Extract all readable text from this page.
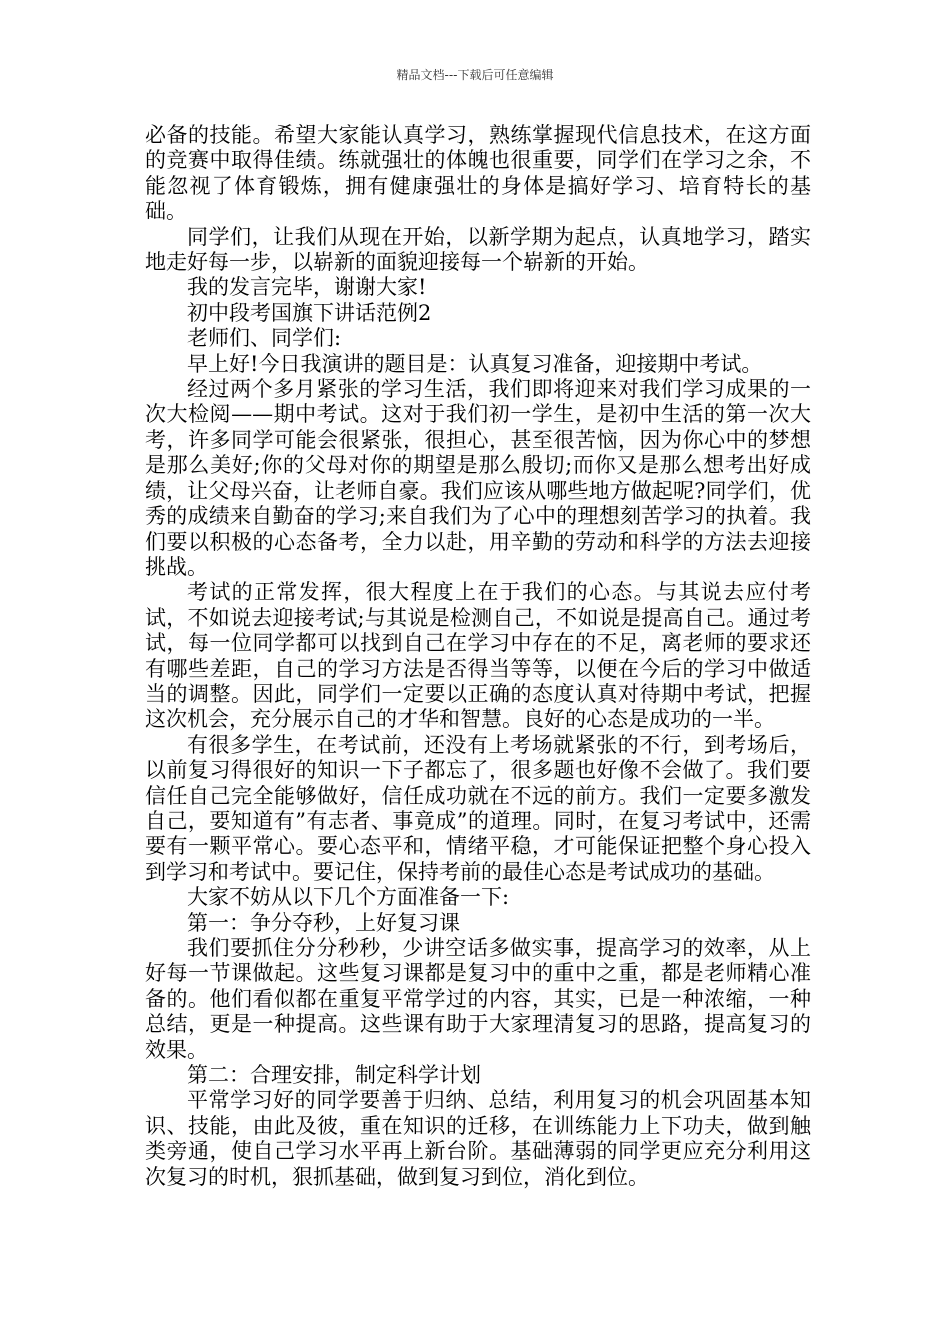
精品文档---下载后可任意编辑

必备的技能。希望大家能认真学习，熟练掌握现代信息技术，在这方面的竞赛中取得佳绩。练就强壮的体魄也很重要，同学们在学习之余，不能忽视了体育锻炼，拥有健康强壮的身体是搞好学习、培育特长的基础。

同学们，让我们从现在开始，以新学期为起点，认真地学习，踏实地走好每一步，以崭新的面貌迎接每一个崭新的开始。

我的发言完毕，谢谢大家!

初中段考国旗下讲话范例2

老师们、同学们:

早上好!今日我演讲的题目是：认真复习准备，迎接期中考试。

经过两个多月紧张的学习生活，我们即将迎来对我们学习成果的一次大检阅——期中考试。这对于我们初一学生，是初中生活的第一次大考，许多同学可能会很紧张，很担心，甚至很苦恼，因为你心中的梦想是那么美好;你的父母对你的期望是那么殷切;而你又是那么想考出好成绩，让父母兴奋，让老师自豪。我们应该从哪些地方做起呢?同学们，优秀的成绩来自勤奋的学习;来自我们为了心中的理想刻苦学习的执着。我们要以积极的心态备考，全力以赴，用辛勤的劳动和科学的方法去迎接挑战。

考试的正常发挥，很大程度上在于我们的心态。与其说去应付考试，不如说去迎接考试;与其说是检测自己，不如说是提高自己。通过考试，每一位同学都可以找到自己在学习中存在的不足，离老师的要求还有哪些差距，自己的学习方法是否得当等等，以便在今后的学习中做适当的调整。因此，同学们一定要以正确的态度认真对待期中考试，把握这次机会，充分展示自己的才华和智慧。良好的心态是成功的一半。

有很多学生，在考试前，还没有上考场就紧张的不行，到考场后，以前复习得很好的知识一下子都忘了，很多题也好像不会做了。我们要信任自己完全能够做好，信任成功就在不远的前方。我们一定要多激发自己，要知道有”有志者、事竟成”的道理。同时，在复习考试中，还需要有一颗平常心。要心态平和，情绪平稳，才可能保证把整个身心投入到学习和考试中。要记住，保持考前的最佳心态是考试成功的基础。

大家不妨从以下几个方面准备一下:

第一：争分夺秒，上好复习课

我们要抓住分分秒秒，少讲空话多做实事，提高学习的效率，从上好每一节课做起。这些复习课都是复习中的重中之重，都是老师精心准备的。他们看似都在重复平常学过的内容，其实，已是一种浓缩，一种总结，更是一种提高。这些课有助于大家理清复习的思路，提高复习的效果。

第二：合理安排，制定科学计划

平常学习好的同学要善于归纳、总结，利用复习的机会巩固基本知识、技能，由此及彼，重在知识的迁移，在训练能力上下功夫，做到触类旁通，使自己学习水平再上新台阶。基础薄弱的同学更应充分利用这次复习的时机，狠抓基础，做到复习到位，消化到位。
